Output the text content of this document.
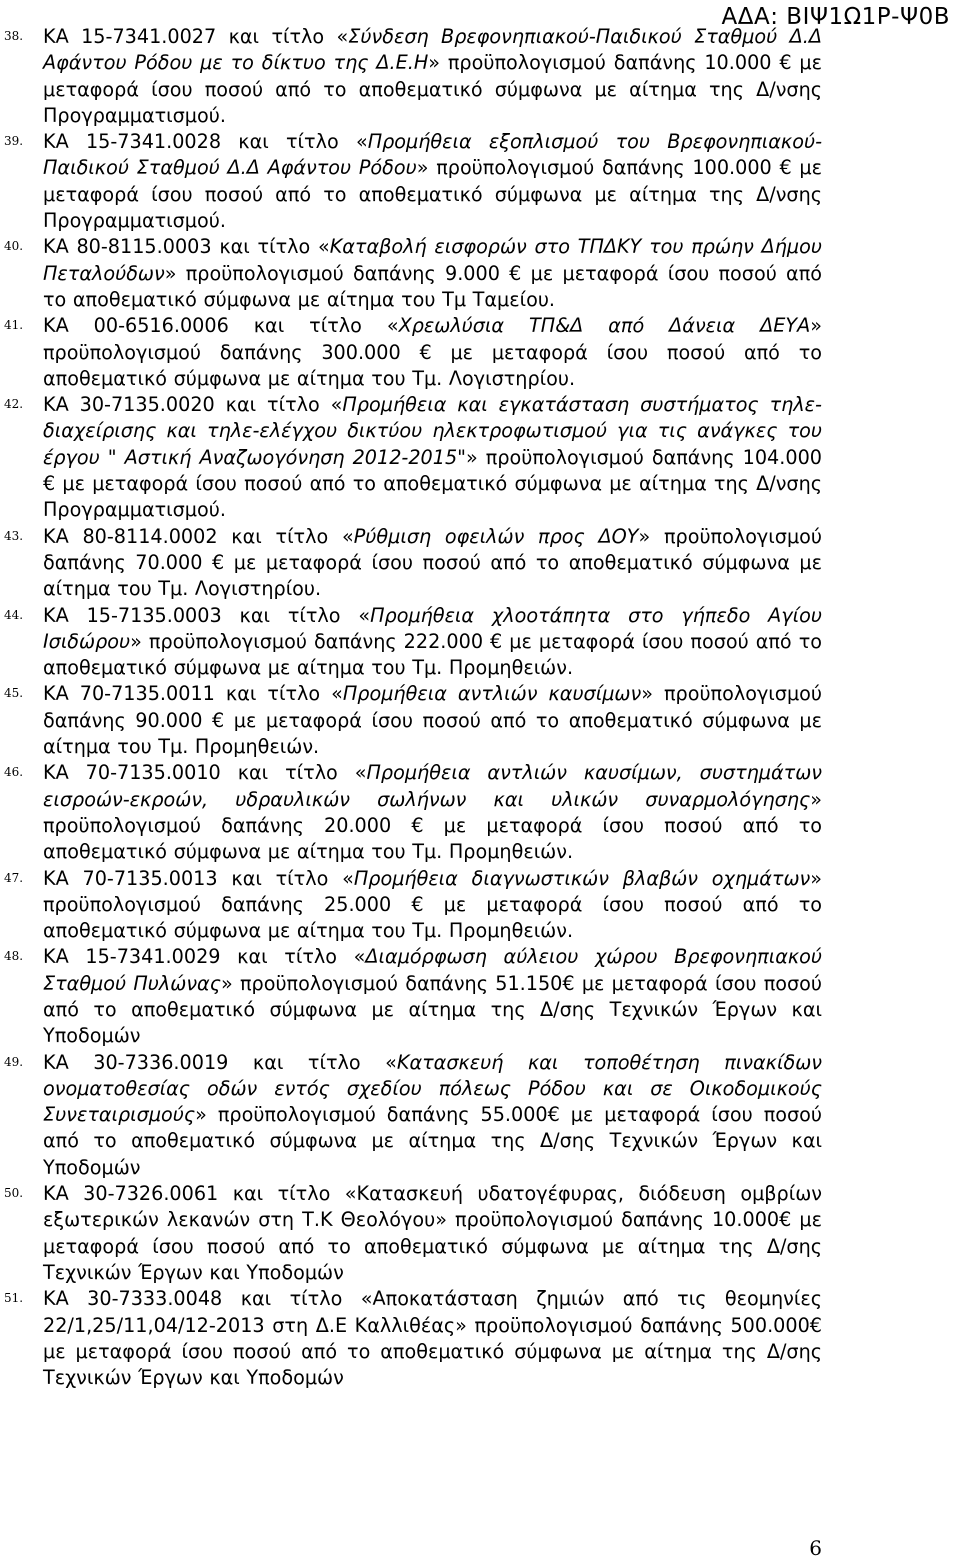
ΑΔΑ: ΒΙΨ1Ω1Ρ-Ψ0Β
38. ΚΑ 15-7341.0027 και τίτλο «Σύνδεση Βρεφονηπιακού-Παιδικού Σταθμού Δ.Δ Αφάντου Ρόδου με το δίκτυο της Δ.Ε.Η» προϋπολογισμού δαπάνης 10.000 € με μεταφορά ίσου ποσού από το αποθεματικό σύμφωνα με αίτημα της Δ/νσης Προγραμματισμού.

39. ΚΑ 15-7341.0028 και τίτλο «Προμήθεια εξοπλισμού του Βρεφονηπιακού-Παιδικού Σταθμού Δ.Δ Αφάντου Ρόδου» προϋπολογισμού δαπάνης 100.000 € με μεταφορά ίσου ποσού από το αποθεματικό σύμφωνα με αίτημα της Δ/νσης Προγραμματισμού.

40. ΚΑ 80-8115.0003 και τίτλο «Καταβολή εισφορών στο ΤΠΔΚΥ του πρώην Δήμου Πεταλούδων» προϋπολογισμού δαπάνης 9.000 € με μεταφορά ίσου ποσού από το αποθεματικό σύμφωνα με αίτημα του Τμ Ταμείου.

41. ΚΑ 00-6516.0006 και τίτλο «Χρεωλύσια ΤΠ&Δ από Δάνεια ΔΕΥΑ» προϋπολογισμού δαπάνης 300.000 € με μεταφορά ίσου ποσού από το αποθεματικό σύμφωνα με αίτημα του Τμ. Λογιστηρίου.

42. ΚΑ 30-7135.0020 και τίτλο «Προμήθεια και εγκατάσταση συστήματος τηλε-διαχείρισης και τηλε-ελέγχου δικτύου ηλεκτροφωτισμού για τις ανάγκες του έργου " Αστική Αναζωογόνηση 2012-2015"» προϋπολογισμού δαπάνης 104.000 € με μεταφορά ίσου ποσού από το αποθεματικό σύμφωνα με αίτημα της Δ/νσης Προγραμματισμού.

43. ΚΑ 80-8114.0002 και τίτλο «Ρύθμιση οφειλών προς ΔΟΥ» προϋπολογισμού δαπάνης 70.000 € με μεταφορά ίσου ποσού από το αποθεματικό σύμφωνα με αίτημα του Τμ. Λογιστηρίου.

44. ΚΑ 15-7135.0003 και τίτλο «Προμήθεια χλοοτάπητα στο γήπεδο Αγίου Ισιδώρου» προϋπολογισμού δαπάνης 222.000 € με μεταφορά ίσου ποσού από το αποθεματικό σύμφωνα με αίτημα του Τμ. Προμηθειών.

45. ΚΑ 70-7135.0011 και τίτλο «Προμήθεια αντλιών καυσίμων» προϋπολογισμού δαπάνης 90.000 € με μεταφορά ίσου ποσού από το αποθεματικό σύμφωνα με αίτημα του Τμ. Προμηθειών.

46. ΚΑ 70-7135.0010 και τίτλο «Προμήθεια αντλιών καυσίμων, συστημάτων εισροών-εκροών, υδραυλικών σωλήνων και υλικών συναρμολόγησης» προϋπολογισμού δαπάνης 20.000 € με μεταφορά ίσου ποσού από το αποθεματικό σύμφωνα με αίτημα του Τμ. Προμηθειών.

47. ΚΑ 70-7135.0013 και τίτλο «Προμήθεια διαγνωστικών βλαβών οχημάτων» προϋπολογισμού δαπάνης 25.000 € με μεταφορά ίσου ποσού από το αποθεματικό σύμφωνα με αίτημα του Τμ. Προμηθειών.

48. ΚΑ 15-7341.0029 και τίτλο «Διαμόρφωση αύλειου χώρου Βρεφονηπιακού Σταθμού Πυλώνας» προϋπολογισμού δαπάνης 51.150€ με μεταφορά ίσου ποσού από το αποθεματικό σύμφωνα με αίτημα της Δ/σης Τεχνικών Έργων και Υποδομών

49. ΚΑ 30-7336.0019 και τίτλο «Κατασκευή και τοποθέτηση πινακίδων ονοματοθεσίας οδών εντός σχεδίου πόλεως Ρόδου και σε Οικοδομικούς Συνεταιρισμούς» προϋπολογισμού δαπάνης 55.000€ με μεταφορά ίσου ποσού από το αποθεματικό σύμφωνα με αίτημα της Δ/σης Τεχνικών Έργων και Υποδομών

50. ΚΑ 30-7326.0061 και τίτλο «Κατασκευή υδατογέφυρας, διόδευση ομβρίων εξωτερικών λεκανών στη Τ.Κ Θεολόγου» προϋπολογισμού δαπάνης 10.000€ με μεταφορά ίσου ποσού από το αποθεματικό σύμφωνα με αίτημα της Δ/σης Τεχνικών Έργων και Υποδομών

51. ΚΑ 30-7333.0048 και τίτλο «Αποκατάσταση ζημιών από τις θεομηνίες 22/1,25/11,04/12-2013 στη Δ.Ε Καλλιθέας» προϋπολογισμού δαπάνης 500.000€ με μεταφορά ίσου ποσού από το αποθεματικό σύμφωνα με αίτημα της Δ/σης Τεχνικών Έργων και Υποδομών

6
